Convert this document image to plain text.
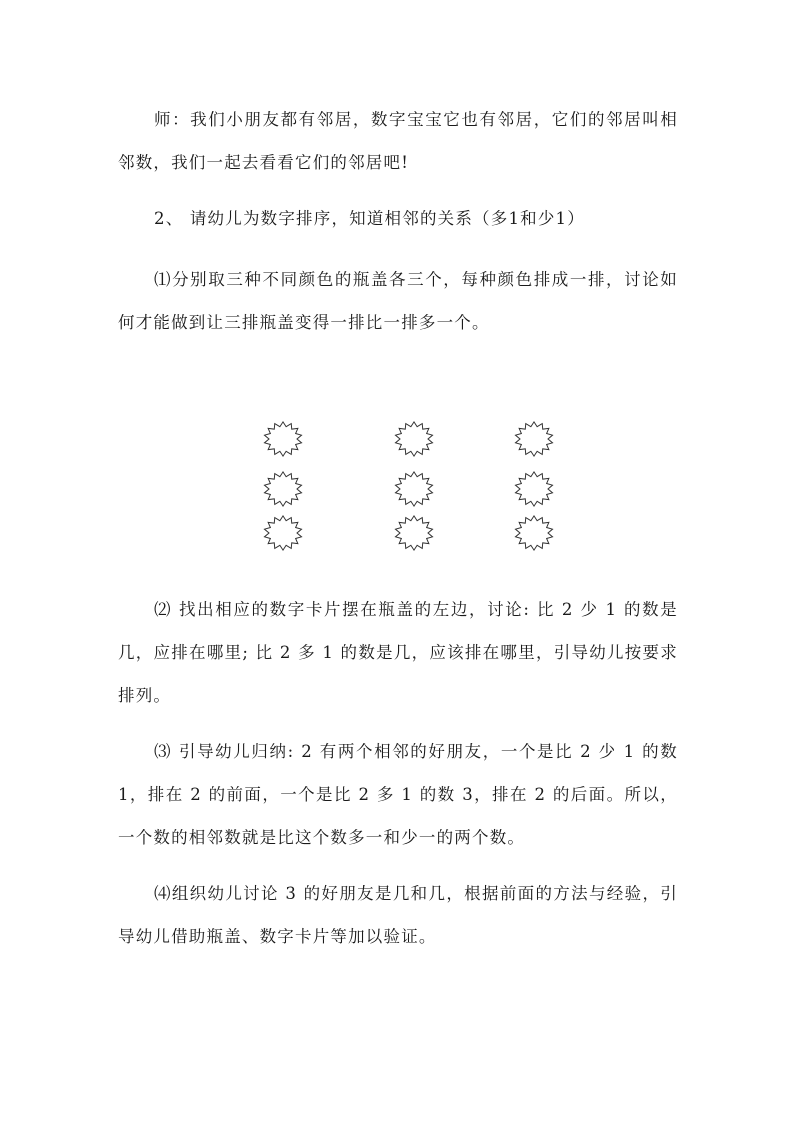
师：我们小朋友都有邻居，数字宝宝它也有邻居，它们的邻居叫相邻数，我们一起去看看它们的邻居吧!

2、 请幼儿为数字排序，知道相邻的关系（多1和少1）

⑴分别取三种不同颜色的瓶盖各三个，每种颜色排成一排，讨论如何才能做到让三排瓶盖变得一排比一排多一个。

⑵ 找出相应的数字卡片摆在瓶盖的左边，讨论: 比 2 少 1 的数是几，应排在哪里; 比 2 多 1 的数是几，应该排在哪里，引导幼儿按要求排列。

⑶ 引导幼儿归纳: 2 有两个相邻的好朋友，一个是比 2 少 1 的数 1，排在 2 的前面，一个是比 2 多 1 的数 3，排在 2 的后面。所以，一个数的相邻数就是比这个数多一和少一的两个数。

⑷组织幼儿讨论 3 的好朋友是几和几，根据前面的方法与经验，引导幼儿借助瓶盖、数字卡片等加以验证。
